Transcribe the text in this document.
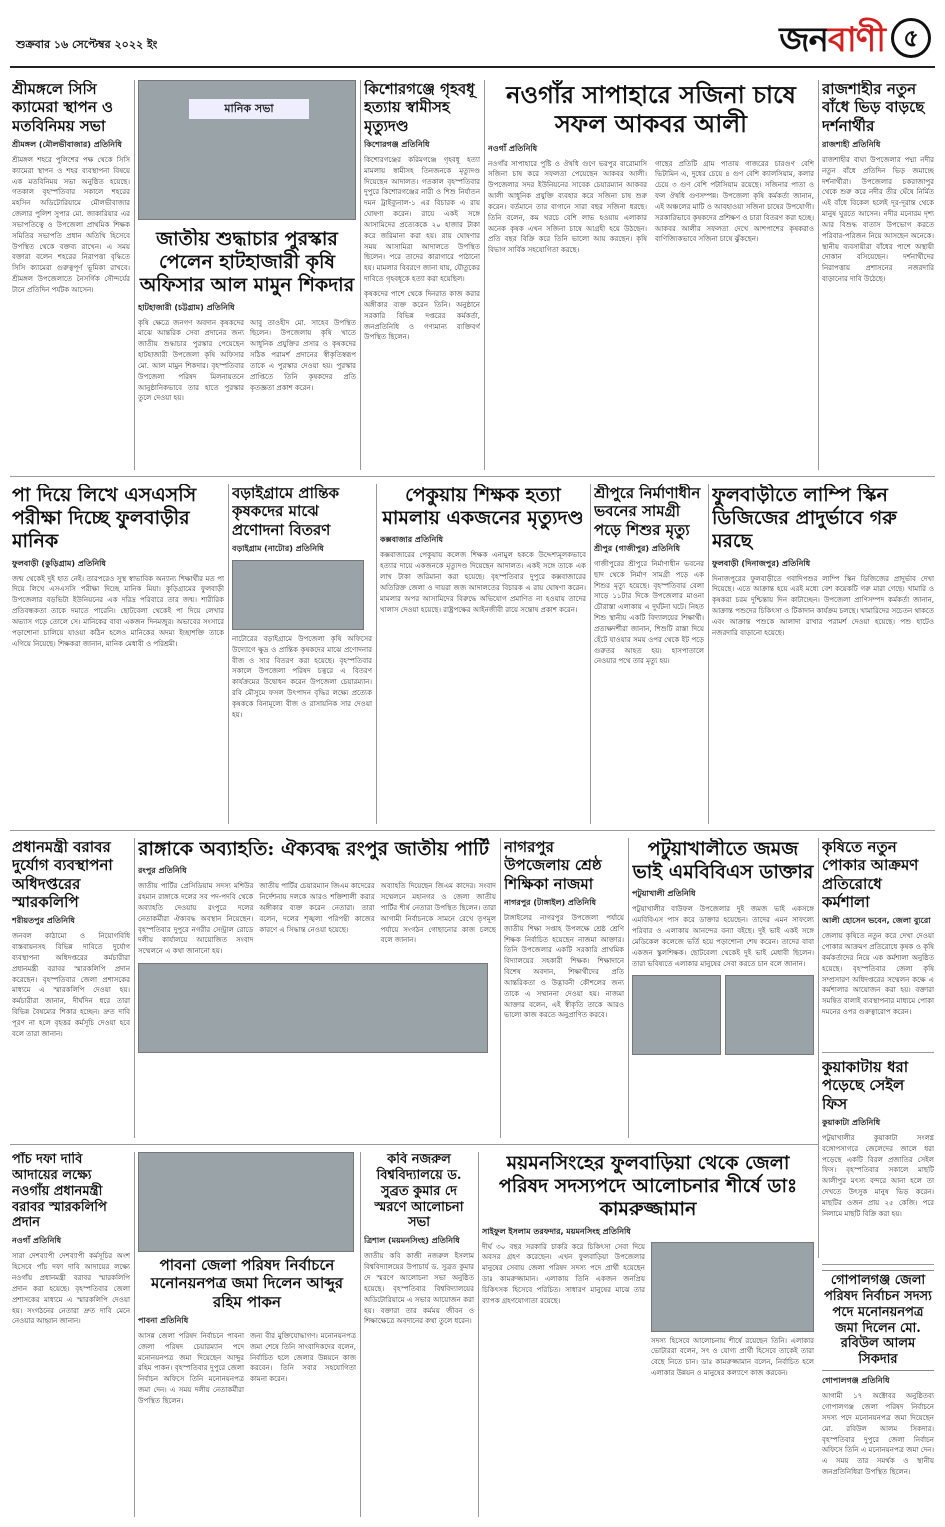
শুক্রবার ১৬ সেপ্টেম্বর ২০২২ ইং	জনবাণী ৫
শ্রীমঙ্গলে সিসি ক্যামেরা স্থাপন ও মতবিনিময় সভা
শ্রীমঙ্গল (মৌলভীবাজার) প্রতিনিধি
শ্রীমঙ্গল শহরে পুলিশের পক্ষ থেকে সিসি ক্যামেরা স্থাপন ও শহর ব্যবস্থাপনা বিষয়ে এক মতবিনিময় সভা অনুষ্ঠিত হয়েছে। গতকাল বৃহস্পতিবার সকালে শহরের মহসিন অডিটোরিয়ামে মৌলভীবাজার জেলার পুলিশ সুপার মো. জাকারিয়ার এর সভাপতিত্বে ও উপজেলা প্রাথমিক শিক্ষক সমিতির সভাপতি প্রধান অতিথি হিসেবে উপস্থিত থেকে বক্তব্য রাখেন। এ সময় বক্তারা বলেন শহরের নিরাপত্তা বৃদ্ধিতে সিসি ক্যামেরা গুরুত্বপূর্ণ ভূমিকা রাখবে। শ্রীমঙ্গল উপজেলাতে নৈসর্গিক সৌন্দর্যের টানে প্রতিদিন পর্যটক আসেন।
মানিক সভা
জাতীয় শুদ্ধাচার পুরস্কার পেলেন হাটহাজারী কৃষি অফিসার আল মামুন শিকদার
হাটহাজারী (চট্টগ্রাম) প্রতিনিধি
কৃষি ক্ষেত্রে জনগণ অবদান কৃষকদের মাঝে আন্তরিক সেবা প্রদানের জন্য জাতীয় শুদ্ধাচার পুরস্কার পেয়েছেন হাটহাজারী উপজেলা কৃষি অফিসার মো. আল মামুন শিকদার। বৃহস্পতিবার উপজেলা পরিষদ মিলনায়তনে আনুষ্ঠানিকভাবে তার হাতে পুরস্কার তুলে দেওয়া হয়।
আবু তাওহীদ মো. সাহেব উপস্থিত ছিলেন। উপজেলায় কৃষি খাতে আধুনিক প্রযুক্তির প্রসার ও কৃষকদের সঠিক পরামর্শ প্রদানের স্বীকৃতিস্বরূপ তাকে এ পুরস্কার দেওয়া হয়। পুরস্কার প্রাপ্তিতে তিনি কৃষকদের প্রতি কৃতজ্ঞতা প্রকাশ করেন।
কিশোরগঞ্জে গৃহবধূ হত্যায় স্বামীসহ মৃত্যুদণ্ড
কিশোরগঞ্জ প্রতিনিধি
কিশোরগঞ্জের করিমগঞ্জে গৃহবধূ হত্যা মামলায় স্বামীসহ তিনজনকে মৃত্যুদণ্ড দিয়েছেন আদালত। গতকাল বৃহস্পতিবার দুপুরে কিশোরগঞ্জের নারী ও শিশু নির্যাতন দমন ট্রাইব্যুনাল-১ এর বিচারক এ রায় ঘোষণা করেন। রায়ে একই সঙ্গে আসামিদের প্রত্যেককে ২০ হাজার টাকা করে জরিমানা করা হয়। রায় ঘোষণার সময় আসামিরা আদালতে উপস্থিত ছিলেন। পরে তাদের কারাগারে পাঠানো হয়। মামলার বিবরণে জানা যায়, যৌতুকের দাবিতে গৃহবধূকে হত্যা করা হয়েছিল।
কৃষকদের পাশে থেকে দিনরাত কাজ করার অঙ্গীকার ব্যক্ত করেন তিনি। অনুষ্ঠানে সরকারি বিভিন্ন দপ্তরের কর্মকর্তা, জনপ্রতিনিধি ও গণ্যমান্য ব্যক্তিবর্গ উপস্থিত ছিলেন।
নওগাঁর সাপাহারে সজিনা চাষে সফল আকবর আলী
নওগাঁ প্রতিনিধি
নওগাঁর সাপাহারে পুষ্টি ও ঔষধি গুণে ভরপুর বারোমাসি সজিনা চাষ করে সফলতা পেয়েছেন আকবর আলী। উপজেলার সদর ইউনিয়নের সাবেক চেয়ারম্যান আকবর আলী আধুনিক প্রযুক্তি ব্যবহার করে সজিনা চাষ শুরু করেন। বর্তমানে তার বাগানে সারা বছর সজিনা ধরছে। তিনি বলেন, কম খরচে বেশি লাভ হওয়ায় এলাকার অনেক কৃষক এখন সজিনা চাষে আগ্রহী হয়ে উঠছেন। প্রতি বছর বিক্রি করে তিনি ভালো আয় করছেন। কৃষি বিভাগ সার্বিক সহযোগিতা করছে।
গাছের প্রতিটি গ্রাম পাতায় গাজরের চারগুণ বেশি ভিটামিন এ, দুধের চেয়ে ৪ গুণ বেশি ক্যালসিয়াম, কলার চেয়ে ৩ গুণ বেশি পটাসিয়াম রয়েছে। সজিনার পাতা ও ফল ঔষধি গুণসম্পন্ন। উপজেলা কৃষি কর্মকর্তা জানান, এই অঞ্চলের মাটি ও আবহাওয়া সজিনা চাষের উপযোগী। সরকারিভাবে কৃষকদের প্রশিক্ষণ ও চারা বিতরণ করা হচ্ছে। আকবর আলীর সফলতা দেখে আশপাশের কৃষকরাও বাণিজ্যিকভাবে সজিনা চাষে ঝুঁকছেন।
রাজশাহীর নতুন বাঁধে ভিড় বাড়ছে দর্শনার্থীর
রাজশাহী প্রতিনিধি
রাজশাহীর বাঘা উপজেলার পদ্মা নদীর নতুন বাঁধে প্রতিদিন ভিড় জমাচ্ছে দর্শনার্থীরা। উপজেলার চকরাজাপুর থেকে শুরু করে নদীর তীর ঘেঁষে নির্মিত এই বাঁধে বিকেল হলেই দূর-দূরান্ত থেকে মানুষ ঘুরতে আসেন। নদীর মনোরম দৃশ্য আর বিশুদ্ধ বাতাস উপভোগ করতে পরিবার-পরিজন নিয়ে আসছেন অনেকে। স্থানীয় ব্যবসায়ীরা বাঁধের পাশে অস্থায়ী দোকান বসিয়েছেন। দর্শনার্থীদের নিরাপত্তায় প্রশাসনের নজরদারি বাড়ানোর দাবি উঠেছে।
পা দিয়ে লিখে এসএসসি পরীক্ষা দিচ্ছে ফুলবাড়ীর মানিক
ফুলবাড়ী (কুড়িগ্রাম) প্রতিনিধি
জন্ম থেকেই দুই হাত নেই। তারপরেও সুস্থ স্বাভাবিক অন্যান্য শিক্ষার্থীর মত পা দিয়ে লিখে এসএসসি পরীক্ষা দিচ্ছে মানিক মিয়া। কুড়িগ্রামের ফুলবাড়ী উপজেলার বড়ভিটা ইউনিয়নের এক দরিদ্র পরিবারে তার জন্ম। শারীরিক প্রতিবন্ধকতা তাকে দমাতে পারেনি। ছোটবেলা থেকেই পা দিয়ে লেখার অভ্যাস গড়ে তোলে সে। মানিকের বাবা একজন দিনমজুর। অভাবের সংসারে পড়াশোনা চালিয়ে যাওয়া কঠিন হলেও মানিকের অদম্য ইচ্ছাশক্তি তাকে এগিয়ে নিয়েছে। শিক্ষকরা জানান, মানিক মেধাবী ও পরিশ্রমী।
বড়াইগ্রামে প্রান্তিক কৃষকদের মাঝে প্রণোদনা বিতরণ
বড়াইগ্রাম (নাটোর) প্রতিনিধি
নাটোরের বড়াইগ্রামে উপজেলা কৃষি অফিসের উদ্যোগে ক্ষুদ্র ও প্রান্তিক কৃষকদের মাঝে প্রণোদনার বীজ ও সার বিতরণ করা হয়েছে। বৃহস্পতিবার সকালে উপজেলা পরিষদ চত্বরে এ বিতরণ কার্যক্রমের উদ্বোধন করেন উপজেলা চেয়ারম্যান। রবি মৌসুমে ফসল উৎপাদন বৃদ্ধির লক্ষ্যে প্রত্যেক কৃষককে বিনামূল্যে বীজ ও রাসায়নিক সার দেওয়া হয়।
পেকুয়ায় শিক্ষক হত্যা মামলায় একজনের মৃত্যুদণ্ড
কক্সবাজার প্রতিনিধি
কক্সবাজারের পেকুয়ায় কলেজ শিক্ষক এনামুল হককে উদ্দেশ্যমূলকভাবে হত্যার দায়ে একজনকে মৃত্যুদণ্ড দিয়েছেন আদালত। একই সঙ্গে তাকে এক লাখ টাকা জরিমানা করা হয়েছে। বৃহস্পতিবার দুপুরে কক্সবাজারের অতিরিক্ত জেলা ও দায়রা জজ আদালতের বিচারক এ রায় ঘোষণা করেন। মামলার অপর আসামিদের বিরুদ্ধে অভিযোগ প্রমাণিত না হওয়ায় তাদের খালাস দেওয়া হয়েছে। রাষ্ট্রপক্ষের আইনজীবী রায়ে সন্তোষ প্রকাশ করেন।
শ্রীপুরে নির্মাণাধীন ভবনের সামগ্রী পড়ে শিশুর মৃত্যু
শ্রীপুর (গাজীপুর) প্রতিনিধি
গাজীপুরের শ্রীপুরে নির্মাণাধীন ভবনের ছাদ থেকে নির্মাণ সামগ্রী পড়ে এক শিশুর মৃত্যু হয়েছে। বৃহস্পতিবার বেলা সাড়ে ১১টার দিকে উপজেলার মাওনা চৌরাস্তা এলাকায় এ দুর্ঘটনা ঘটে। নিহত শিশু স্থানীয় একটি বিদ্যালয়ের শিক্ষার্থী। প্রত্যক্ষদর্শীরা জানান, শিশুটি রাস্তা দিয়ে হেঁটে যাওয়ার সময় ওপর থেকে ইট পড়ে গুরুতর আহত হয়। হাসপাতালে নেওয়ার পথে তার মৃত্যু হয়।
ফুলবাড়ীতে লাম্পি স্কিন ডিজিজের প্রাদুর্ভাবে গরু মরছে
ফুলবাড়ী (দিনাজপুর) প্রতিনিধি
দিনাজপুরের ফুলবাড়ীতে গবাদিপশুর লাম্পি স্কিন ডিজিজের প্রাদুর্ভাব দেখা দিয়েছে। এতে আক্রান্ত হয়ে এরই মধ্যে বেশ কয়েকটি গরু মারা গেছে। খামারি ও কৃষকরা চরম দুশ্চিন্তায় দিন কাটাচ্ছেন। উপজেলা প্রাণিসম্পদ কর্মকর্তা জানান, আক্রান্ত পশুদের চিকিৎসা ও টিকাদান কার্যক্রম চলছে। খামারিদের সচেতন থাকতে এবং আক্রান্ত পশুকে আলাদা রাখার পরামর্শ দেওয়া হয়েছে। পশু হাটেও নজরদারি বাড়ানো হয়েছে।
প্রধানমন্ত্রী বরাবর দুর্যোগ ব্যবস্থাপনা অধিদপ্তরের স্মারকলিপি
শরীয়তপুর প্রতিনিধি
জনবল কাঠামো ও নিয়োগবিধি বাস্তবায়নসহ বিভিন্ন দাবিতে দুর্যোগ ব্যবস্থাপনা অধিদপ্তরের কর্মচারীরা প্রধানমন্ত্রী বরাবর স্মারকলিপি প্রদান করেছেন। বৃহস্পতিবার জেলা প্রশাসকের মাধ্যমে এ স্মারকলিপি দেওয়া হয়। কর্মচারীরা জানান, দীর্ঘদিন ধরে তারা বিভিন্ন বৈষম্যের শিকার হচ্ছেন। দ্রুত দাবি পূরণ না হলে বৃহত্তর কর্মসূচি দেওয়া হবে বলে তারা জানান।
রাঙ্গাকে অব্যাহতি: ঐক্যবদ্ধ রংপুর জাতীয় পার্টি
রংপুর প্রতিনিধি
জাতীয় পার্টির প্রেসিডিয়াম সদস্য মশিউর রহমান রাঙ্গাকে দলের সব পদ-পদবি থেকে অব্যাহতি দেওয়ায় রংপুরে দলের নেতাকর্মীরা ঐক্যবদ্ধ অবস্থান নিয়েছেন। বৃহস্পতিবার দুপুরে নগরীর সেন্ট্রাল রোডে দলীয় কার্যালয়ে আয়োজিত সংবাদ সম্মেলনে এ কথা জানানো হয়।
জাতীয় পার্টির চেয়ারম্যান জিএম কাদেরের নির্দেশনায় দলকে আরও শক্তিশালী করার অঙ্গীকার ব্যক্ত করেন নেতারা। তারা বলেন, দলের শৃঙ্খলা পরিপন্থী কাজের কারণে এ সিদ্ধান্ত নেওয়া হয়েছে।
অব্যাহতি দিয়েছেন জিএম কাদের। সংবাদ সম্মেলনে মহানগর ও জেলা জাতীয় পার্টির শীর্ষ নেতারা উপস্থিত ছিলেন। তারা আগামী নির্বাচনকে সামনে রেখে তৃণমূল পর্যায়ে সংগঠন গোছানোর কাজ চলছে বলে জানান।
নাগরপুর উপজেলায় শ্রেষ্ঠ শিক্ষিকা নাজমা
নাগরপুর (টাঙ্গাইল) প্রতিনিধি
টাঙ্গাইলের নাগরপুর উপজেলা পর্যায়ে জাতীয় শিক্ষা সপ্তাহ উপলক্ষে শ্রেষ্ঠ শ্রেণি শিক্ষক নির্বাচিত হয়েছেন নাজমা আক্তার। তিনি উপজেলার একটি সরকারি প্রাথমিক বিদ্যালয়ের সহকারী শিক্ষক। শিক্ষাদানে বিশেষ অবদান, শিক্ষার্থীদের প্রতি আন্তরিকতা ও উদ্ভাবনী কৌশলের জন্য তাকে এ সম্মাননা দেওয়া হয়। নাজমা আক্তার বলেন, এই স্বীকৃতি তাকে আরও ভালো কাজ করতে অনুপ্রাণিত করবে।
পটুয়াখালীতে জমজ ভাই এমবিবিএস ডাক্তার
পটুয়াখালী প্রতিনিধি
পটুয়াখালীর বাউফল উপজেলার দুই জমজ ভাই একসঙ্গে এমবিবিএস পাস করে ডাক্তার হয়েছেন। তাদের এমন সাফল্যে পরিবার ও এলাকায় আনন্দের বন্যা বইছে। দুই ভাই একই সঙ্গে মেডিকেল কলেজে ভর্তি হয়ে পড়াশোনা শেষ করেন। তাদের বাবা একজন স্কুলশিক্ষক। ছোটবেলা থেকেই দুই ভাই মেধাবী ছিলেন। তারা ভবিষ্যতে এলাকার মানুষের সেবা করতে চান বলে জানান।
কৃষিতে নতুন পোকার আক্রমণ প্রতিরোধে কর্মশালা
আলী হোসেন ভবেন, জেলা ব্যুরো
জেলায় কৃষিতে নতুন করে দেখা দেওয়া পোকার আক্রমণ প্রতিরোধে কৃষক ও কৃষি কর্মকর্তাদের নিয়ে এক কর্মশালা অনুষ্ঠিত হয়েছে। বৃহস্পতিবার জেলা কৃষি সম্প্রসারণ অধিদপ্তরের সম্মেলন কক্ষে এ কর্মশালার আয়োজন করা হয়। বক্তারা সমন্বিত বালাই ব্যবস্থাপনার মাধ্যমে পোকা দমনের ওপর গুরুত্বারোপ করেন।
কুয়াকাটায় ধরা পড়েছে সেইল ফিস
কুয়াকাটা প্রতিনিধি
পটুয়াখালীর কুয়াকাটা সংলগ্ন বঙ্গোপসাগরে জেলেদের জালে ধরা পড়েছে একটি বিরল প্রজাতির সেইল ফিস। বৃহস্পতিবার সকালে মাছটি আলীপুর মৎস্য বন্দরে আনা হলে তা দেখতে উৎসুক মানুষ ভিড় করেন। মাছটির ওজন প্রায় ২৫ কেজি। পরে নিলামে মাছটি বিক্রি করা হয়।
পাঁচ দফা দাবি আদায়ের লক্ষ্যে নওগাঁয় প্রধানমন্ত্রী বরাবর স্মারকলিপি প্রদান
নওগাঁ প্রতিনিধি
সারা দেশব্যাপী দেশব্যাপী কর্মসূচির অংশ হিসেবে পাঁচ দফা দাবি আদায়ের লক্ষ্যে নওগাঁয় প্রধানমন্ত্রী বরাবর স্মারকলিপি প্রদান করা হয়েছে। বৃহস্পতিবার জেলা প্রশাসকের মাধ্যমে এ স্মারকলিপি দেওয়া হয়। সংগঠনের নেতারা দ্রুত দাবি মেনে নেওয়ার আহ্বান জানান।
পাবনা জেলা পরিষদ নির্বাচনে মনোনয়নপত্র জমা দিলেন আব্দুর রহিম পাকন
পাবনা প্রতিনিধি
আসন্ন জেলা পরিষদ নির্বাচনে পাবনা জেলা পরিষদ চেয়ারম্যান পদে মনোনয়নপত্র জমা দিয়েছেন আব্দুর রহিম পাকন। বৃহস্পতিবার দুপুরে জেলা নির্বাচন অফিসে তিনি মনোনয়নপত্র জমা দেন। এ সময় দলীয় নেতাকর্মীরা উপস্থিত ছিলেন।
জন্য বীর মুক্তিযোদ্ধাগণ। মনোনয়নপত্র জমা শেষে তিনি সাংবাদিকদের বলেন, নির্বাচিত হলে জেলার উন্নয়নে কাজ করবেন। তিনি সবার সহযোগিতা কামনা করেন।
কবি নজরুল বিশ্ববিদ্যালয়ে ড. সুব্রত কুমার দে স্মরণে আলোচনা সভা
ত্রিশাল (ময়মনসিংহ) প্রতিনিধি
জাতীয় কবি কাজী নজরুল ইসলাম বিশ্ববিদ্যালয়ের উপাচার্য ড. সুব্রত কুমার দে স্মরণে আলোচনা সভা অনুষ্ঠিত হয়েছে। বৃহস্পতিবার বিশ্ববিদ্যালয়ের অডিটোরিয়ামে এ সভার আয়োজন করা হয়। বক্তারা তার কর্মময় জীবন ও শিক্ষাক্ষেত্রে অবদানের কথা তুলে ধরেন।
ময়মনসিংহের ফুলবাড়িয়া থেকে জেলা পরিষদ সদস্যপদে আলোচনার শীর্ষে ডাঃ কামরুজ্জামান
সাইফুল ইসলাম তরফদার, ময়মনসিংহ প্রতিনিধি
দীর্ঘ ৩০ বছর সরকারি চাকরি করে চিকিৎসা সেবা দিয়ে অবসর গ্রহণ করেছেন। এখন ফুলবাড়িয়া উপজেলার মানুষের সেবায় জেলা পরিষদ সদস্য পদে প্রার্থী হয়েছেন ডাঃ কামরুজ্জামান। এলাকায় তিনি একজন জনপ্রিয় চিকিৎসক হিসেবে পরিচিত। সাধারণ মানুষের মাঝে তার ব্যাপক গ্রহণযোগ্যতা রয়েছে।
সদস্য হিসেবে আলোচনায় শীর্ষে রয়েছেন তিনি। এলাকার ভোটাররা বলেন, সৎ ও যোগ্য প্রার্থী হিসেবে তাকেই তারা বেছে নিতে চান। ডাঃ কামরুজ্জামান বলেন, নির্বাচিত হলে এলাকার উন্নয়ন ও মানুষের কল্যাণে কাজ করবেন।
গোপালগঞ্জ জেলা পরিষদ নির্বাচন সদস্য পদে মনোনয়নপত্র জমা দিলেন মো. রবিউল আলম সিকদার
গোপালগঞ্জ প্রতিনিধি
আগামী ১৭ অক্টোবর অনুষ্ঠিতব্য গোপালগঞ্জ জেলা পরিষদ নির্বাচনে সদস্য পদে মনোনয়নপত্র জমা দিয়েছেন মো. রবিউল আলম সিকদার। বৃহস্পতিবার দুপুরে জেলা নির্বাচন অফিসে তিনি এ মনোনয়নপত্র জমা দেন। এ সময় তার সমর্থক ও স্থানীয় জনপ্রতিনিধিরা উপস্থিত ছিলেন।
